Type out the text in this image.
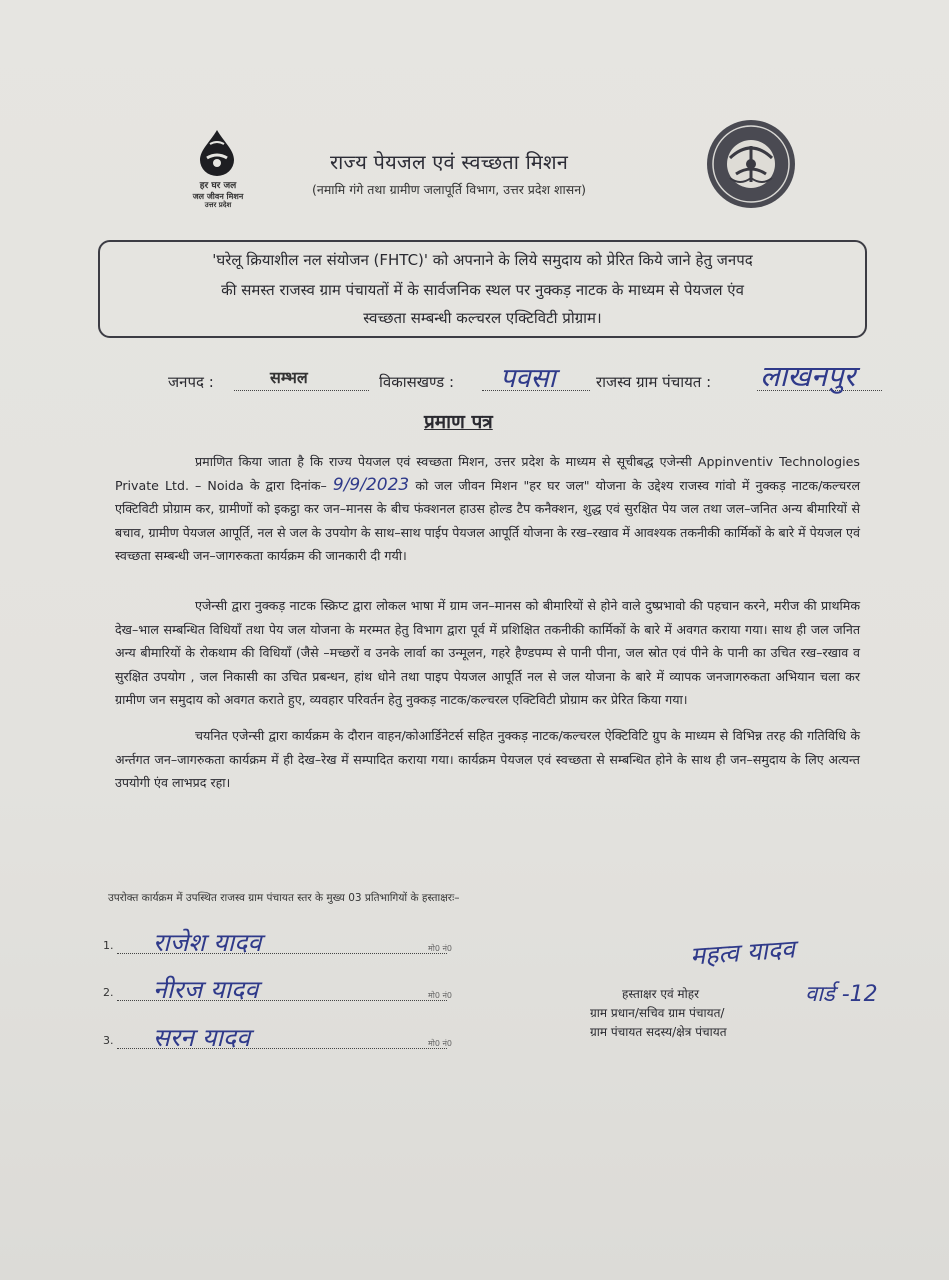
हर घर जल
जल जीवन मिशन
उत्तर प्रदेश
राज्य पेयजल एवं स्वच्छता मिशन
(नमामि गंगे तथा ग्रामीण जलापूर्ति विभाग, उत्तर प्रदेश शासन)
'घरेलू क्रियाशील नल संयोजन (FHTC)' को अपनाने के लिये समुदाय को प्रेरित किये जाने हेतु जनपद
की समस्त राजस्व ग्राम पंचायतों में के सार्वजनिक स्थल पर नुक्कड़ नाटक के माध्यम से पेयजल एंव
स्वच्छता सम्बन्धी कल्चरल एक्टिविटी प्रोग्राम।
जनपद :	सम्भल	विकासखण्ड : पवसा	राजस्व ग्राम पंचायत : लाखनपुर
प्रमाण पत्र
प्रमाणित किया जाता है कि राज्य पेयजल एवं स्वच्छता मिशन, उत्तर प्रदेश के माध्यम से सूचीबद्ध एजेन्सी Appinventiv Technologies Private Ltd. – Noida के द्वारा दिनांक– 9/9/2023 को जल जीवन मिशन "हर घर जल" योजना के उद्देश्य राजस्व गांवो में नुक्कड़ नाटक/कल्चरल एक्टिविटी प्रोग्राम कर, ग्रामीणों को इकट्ठा कर जन–मानस के बीच फंक्शनल हाउस होल्ड टैप कनैक्शन, शुद्ध एवं सुरक्षित पेय जल तथा जल–जनित अन्य बीमारियों से बचाव, ग्रामीण पेयजल आपूर्ति, नल से जल के उपयोग के साथ–साथ पाईप पेयजल आपूर्ति योजना के रख–रखाव में आवश्यक तकनीकी कार्मिकों के बारे में पेयजल एवं स्वच्छता सम्बन्धी जन–जागरुकता कार्यक्रम की जानकारी दी गयी।
एजेन्सी द्वारा नुक्कड़ नाटक स्क्रिप्ट द्वारा लोकल भाषा में ग्राम जन–मानस को बीमारियों से होने वाले दुष्प्रभावो की पहचान करने, मरीज की प्राथमिक देख–भाल सम्बन्धित विधियाँ तथा पेय जल योजना के मरम्मत हेतु विभाग द्वारा पूर्व में प्रशिक्षित तकनीकी कार्मिकों के बारे में अवगत कराया गया। साथ ही जल जनित अन्य बीमारियों के रोकथाम की विधियाँ (जैसे –मच्छरों व उनके लार्वा का उन्मूलन, गहरे हैण्डपम्प से पानी पीना, जल स्रोत एवं पीने के पानी का उचित रख–रखाव व सुरक्षित उपयोग , जल निकासी का उचित प्रबन्धन, हांथ धोने तथा पाइप पेयजल आपूर्ति नल से जल योजना के बारे में व्यापक जनजागरुकता अभियान चला कर ग्रामीण जन समुदाय को अवगत कराते हुए, व्यवहार परिवर्तन हेतु नुक्कड़ नाटक/कल्चरल एक्टिविटी प्रोग्राम कर प्रेरित किया गया।
चयनित एजेन्सी द्वारा कार्यक्रम के दौरान वाहन/कोआर्डिनेटर्स सहित नुक्कड़ नाटक/कल्चरल ऐक्टिविटि ग्रुप के माध्यम से विभिन्न तरह की गतिविधि के अर्न्तगत जन–जागरुकता कार्यक्रम में ही देख–रेख में सम्पादित कराया गया। कार्यक्रम पेयजल एवं स्वच्छता से सम्बन्धित होने के साथ ही जन–समुदाय के लिए अत्यन्त उपयोगी एंव लाभप्रद रहा।
उपरोक्त कार्यक्रम में उपस्थित राजस्व ग्राम पंचायत स्तर के मुख्य 03 प्रतिभागियों के हस्ताक्षरः–
1. राजेश यादव	मो0 नं0
2. नीरज यादव	मो0 नं0
3. सरन यादव	मो0 नं0
महत्व यादव
वार्ड -12
हस्ताक्षर एवं मोहर
ग्राम प्रधान/सचिव ग्राम पंचायत/
ग्राम पंचायत सदस्य/क्षेत्र पंचायत
